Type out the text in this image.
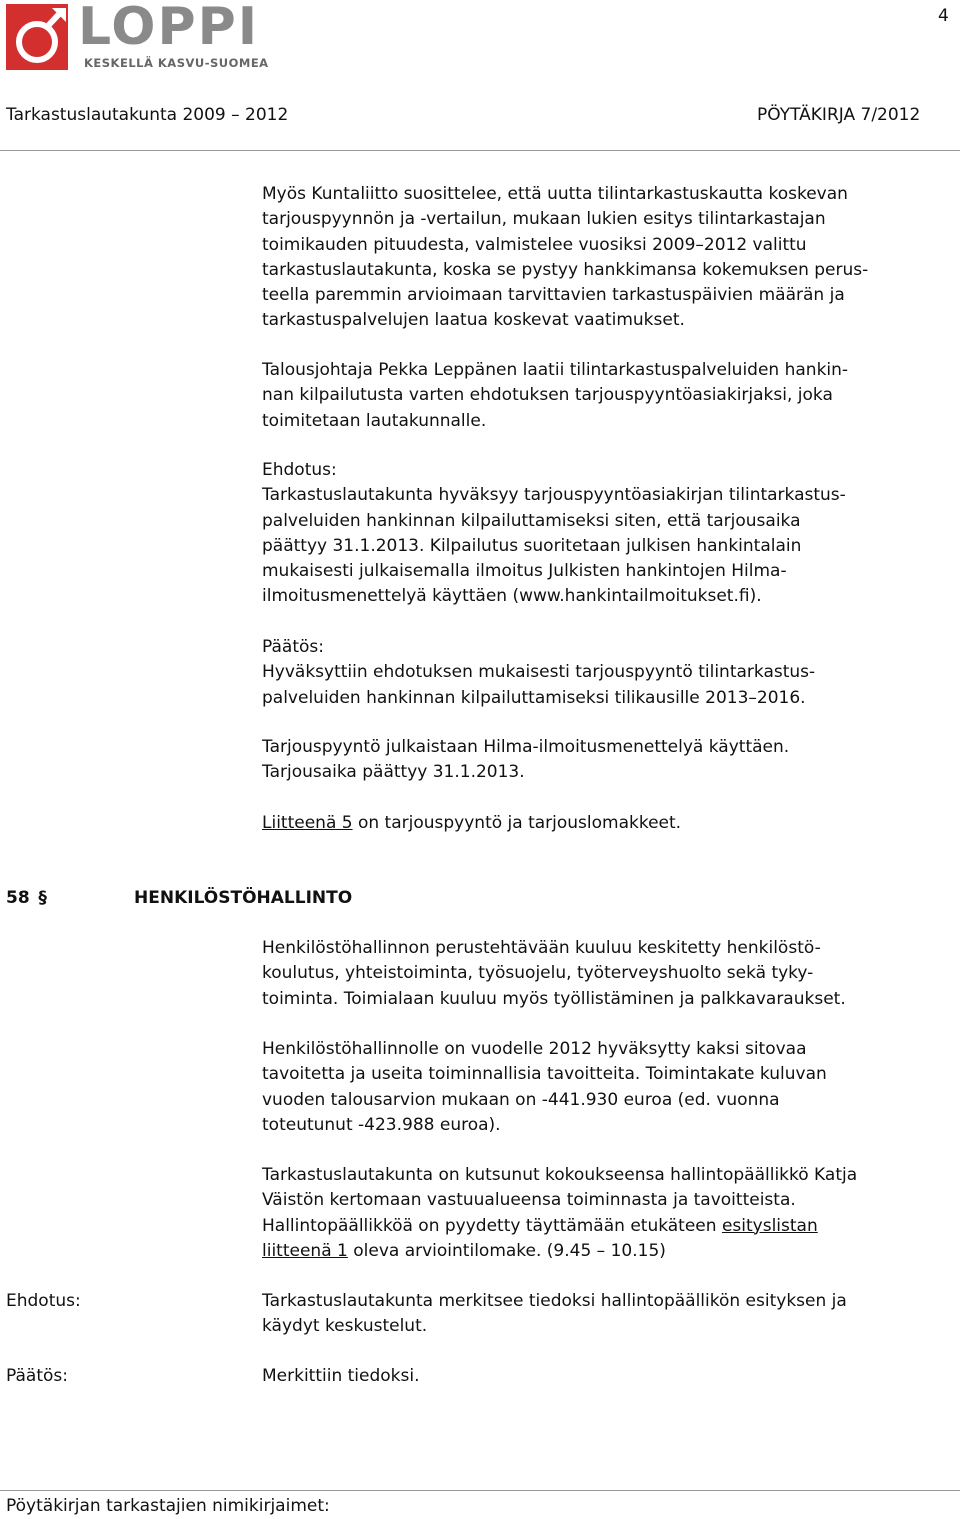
4
LOPPI
KESKELLÄ KASVU-SUOMEA
Tarkastuslautakunta 2009 – 2012	PÖYTÄKIRJA 7/2012
Myös Kuntaliitto suosittelee, että uutta tilintarkastuskautta koskevan
tarjouspyynnön ja -vertailun, mukaan lukien esitys tilintarkastajan
toimikauden pituudesta, valmistelee vuosiksi 2009–2012 valittu
tarkastuslautakunta, koska se pystyy hankkimansa kokemuksen perus-
teella paremmin arvioimaan tarvittavien tarkastuspäivien määrän ja
tarkastuspalvelujen laatua koskevat vaatimukset.
Talousjohtaja Pekka Leppänen laatii tilintarkastuspalveluiden hankin-
nan kilpailutusta varten ehdotuksen tarjouspyyntöasiakirjaksi, joka
toimitetaan lautakunnalle.
Ehdotus:
Tarkastuslautakunta hyväksyy tarjouspyyntöasiakirjan tilintarkastus-
palveluiden hankinnan kilpailuttamiseksi siten, että tarjousaika
päättyy 31.1.2013. Kilpailutus suoritetaan julkisen hankintalain
mukaisesti julkaisemalla ilmoitus Julkisten hankintojen Hilma-
ilmoitusmenettelyä käyttäen (www.hankintailmoitukset.fi).
Päätös:
Hyväksyttiin ehdotuksen mukaisesti tarjouspyyntö tilintarkastus-
palveluiden hankinnan kilpailuttamiseksi tilikausille 2013–2016.
Tarjouspyyntö julkaistaan Hilma-ilmoitusmenettelyä käyttäen.
Tarjousaika päättyy 31.1.2013.
Liitteenä 5 on tarjouspyyntö ja tarjouslomakkeet.
58 §	HENKILÖSTÖHALLINTO
Henkilöstöhallinnon perustehtävään kuuluu keskitetty henkilöstö-
koulutus, yhteistoiminta, työsuojelu, työterveyshuolto sekä tyky-
toiminta. Toimialaan kuuluu myös työllistäminen ja palkkavaraukset.
Henkilöstöhallinnolle on vuodelle 2012 hyväksytty kaksi sitovaa
tavoitetta ja useita toiminnallisia tavoitteita. Toimintakate kuluvan
vuoden talousarvion mukaan on -441.930 euroa (ed. vuonna
toteutunut -423.988 euroa).
Tarkastuslautakunta on kutsunut kokoukseensa hallintopäällikkö Katja
Väistön kertomaan vastuualueensa toiminnasta ja tavoitteista.
Hallintopäällikköä on pyydetty täyttämään etukäteen esityslistan
liitteenä 1 oleva arviointilomake. (9.45 – 10.15)
Ehdotus:	Tarkastuslautakunta merkitsee tiedoksi hallintopäällikön esityksen ja
käydyt keskustelut.
Päätös:	Merkittiin tiedoksi.
Pöytäkirjan tarkastajien nimikirjaimet:
